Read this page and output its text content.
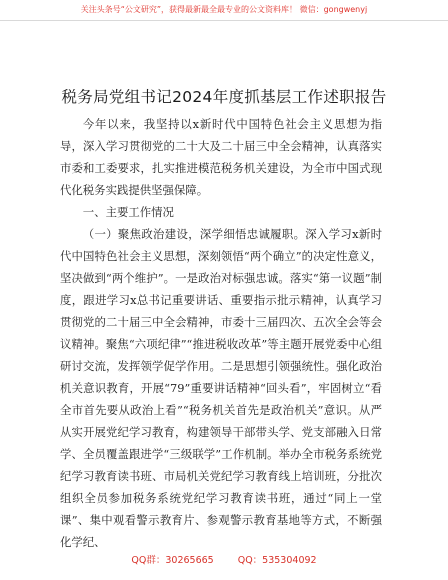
关注头条号“公文研究”，获得最新最全最专业的公文资料库！ 微信：gongwenyj
税务局党组书记2024年度抓基层工作述职报告

今年以来，我坚持以x新时代中国特色社会主义思想为指导，深入学习贯彻党的二十大及二十届三中全会精神，认真落实市委和工委要求，扎实推进模范税务机关建设，为全市中国式现代化税务实践提供坚强保障。

一、主要工作情况

（一）聚焦政治建设，深学细悟忠诚履职。深入学习x新时代中国特色社会主义思想，深刻领悟“两个确立”的决定性意义，坚决做到“两个维护”。一是政治对标强忠诚。落实“第一议题”制度，跟进学习x总书记重要讲话、重要指示批示精神，认真学习贯彻党的二十届三中全会精神，市委十三届四次、五次全会等会议精神。聚焦“六项纪律”“推进税收改革”等主题开展党委中心组研讨交流，发挥领学促学作用。二是思想引领强统性。强化政治机关意识教育，开展“79”重要讲话精神“回头看”，牢固树立“看全市首先要从政治上看”“税务机关首先是政治机关”意识。从严从实开展党纪学习教育，构建领导干部带头学、党支部融入日常学、全员覆盖跟进学“三级联学”工作机制。举办全市税务系统党纪学习教育读书班、市局机关党纪学习教育线上培训班，分批次组织全员参加税务系统党纪学习教育读书班，通过“同上一堂课”、集中观看警示教育片、参观警示教育基地等方式，不断强化学纪、

QQ群：30265665	QQ：535304092
